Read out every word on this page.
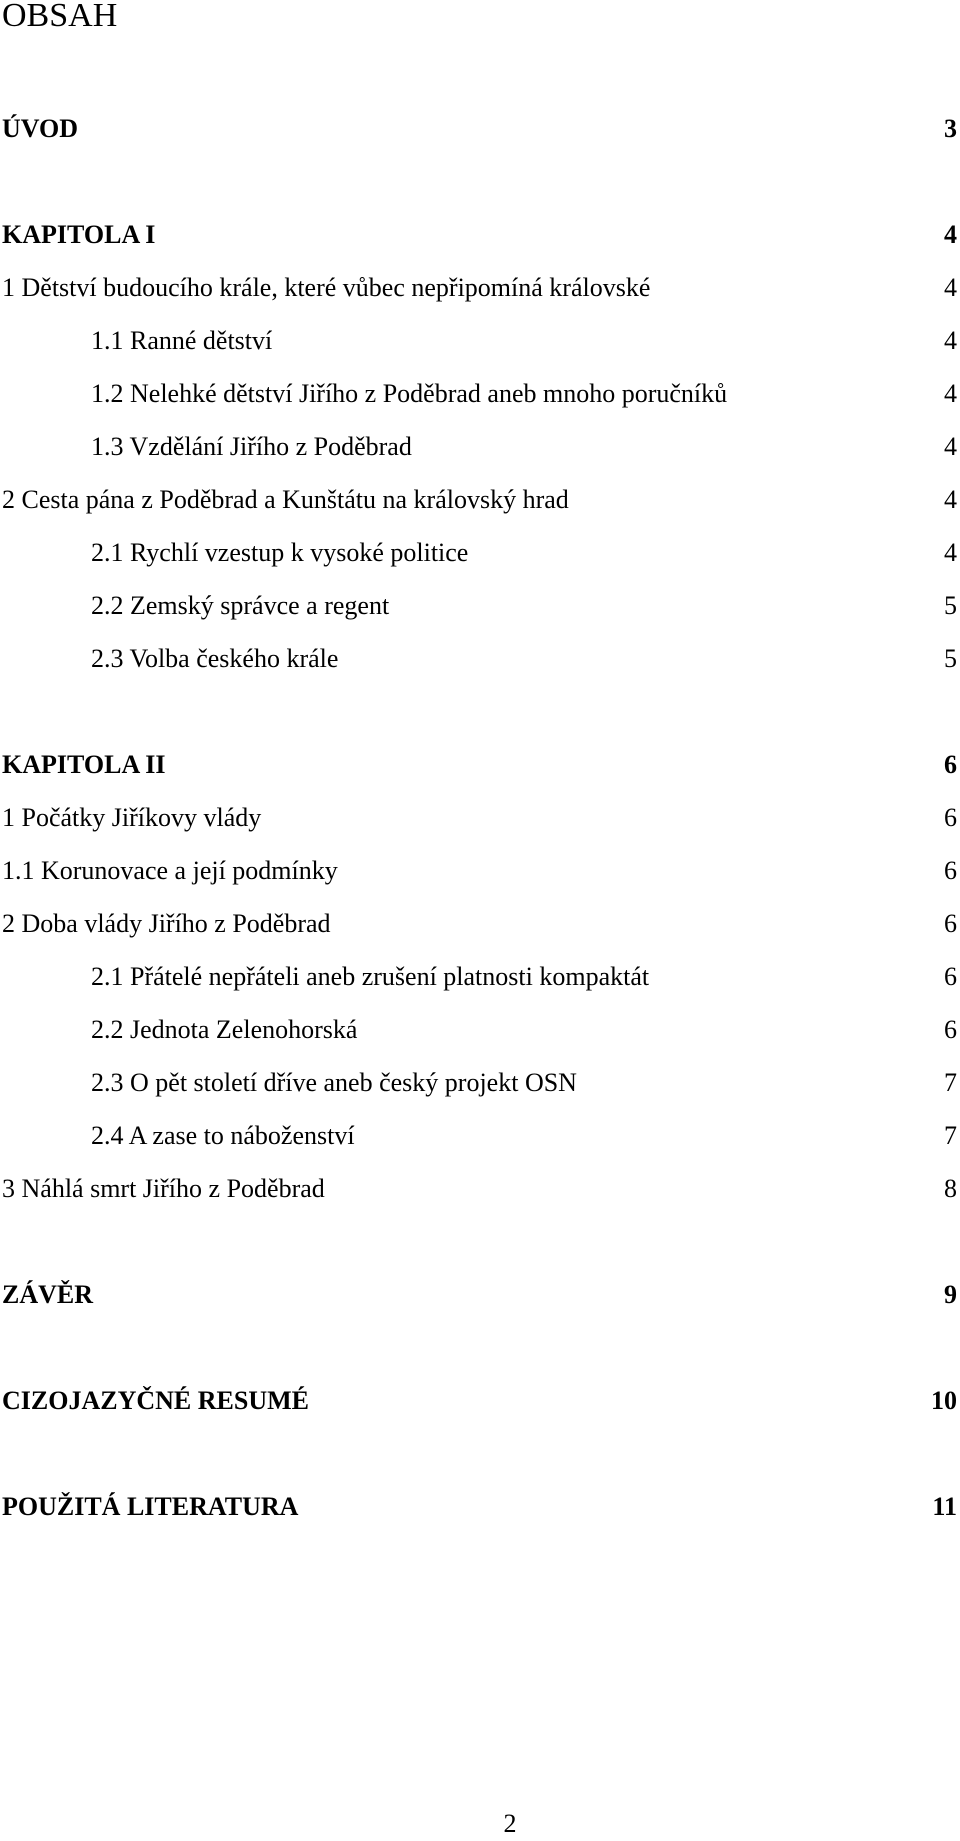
OBSAH
ÚVOD	3
KAPITOLA I	4
1 Dětství budoucího krále, které vůbec nepřipomíná královské	4
1.1 Ranné dětství	4
1.2 Nelehké dětství Jiřího z Poděbrad aneb mnoho poručníků	4
1.3 Vzdělání Jiřího z Poděbrad	4
2 Cesta pána z Poděbrad a Kunštátu na královský hrad	4
2.1 Rychlí vzestup k vysoké politice	4
2.2 Zemský správce a regent	5
2.3 Volba českého krále	5
KAPITOLA II	6
1 Počátky Jiříkovy vlády	6
1.1 Korunovace a její podmínky	6
2 Doba vlády Jiřího z Poděbrad	6
2.1 Přátelé nepřáteli aneb zrušení platnosti kompaktát	6
2.2 Jednota Zelenohorská	6
2.3 O pět století dříve aneb český projekt OSN	7
2.4 A zase to náboženství	7
3 Náhlá smrt Jiřího z Poděbrad	8
ZÁVĚR	9
CIZOJAZYČNÉ RESUMÉ	10
POUŽITÁ LITERATURA	11
2
